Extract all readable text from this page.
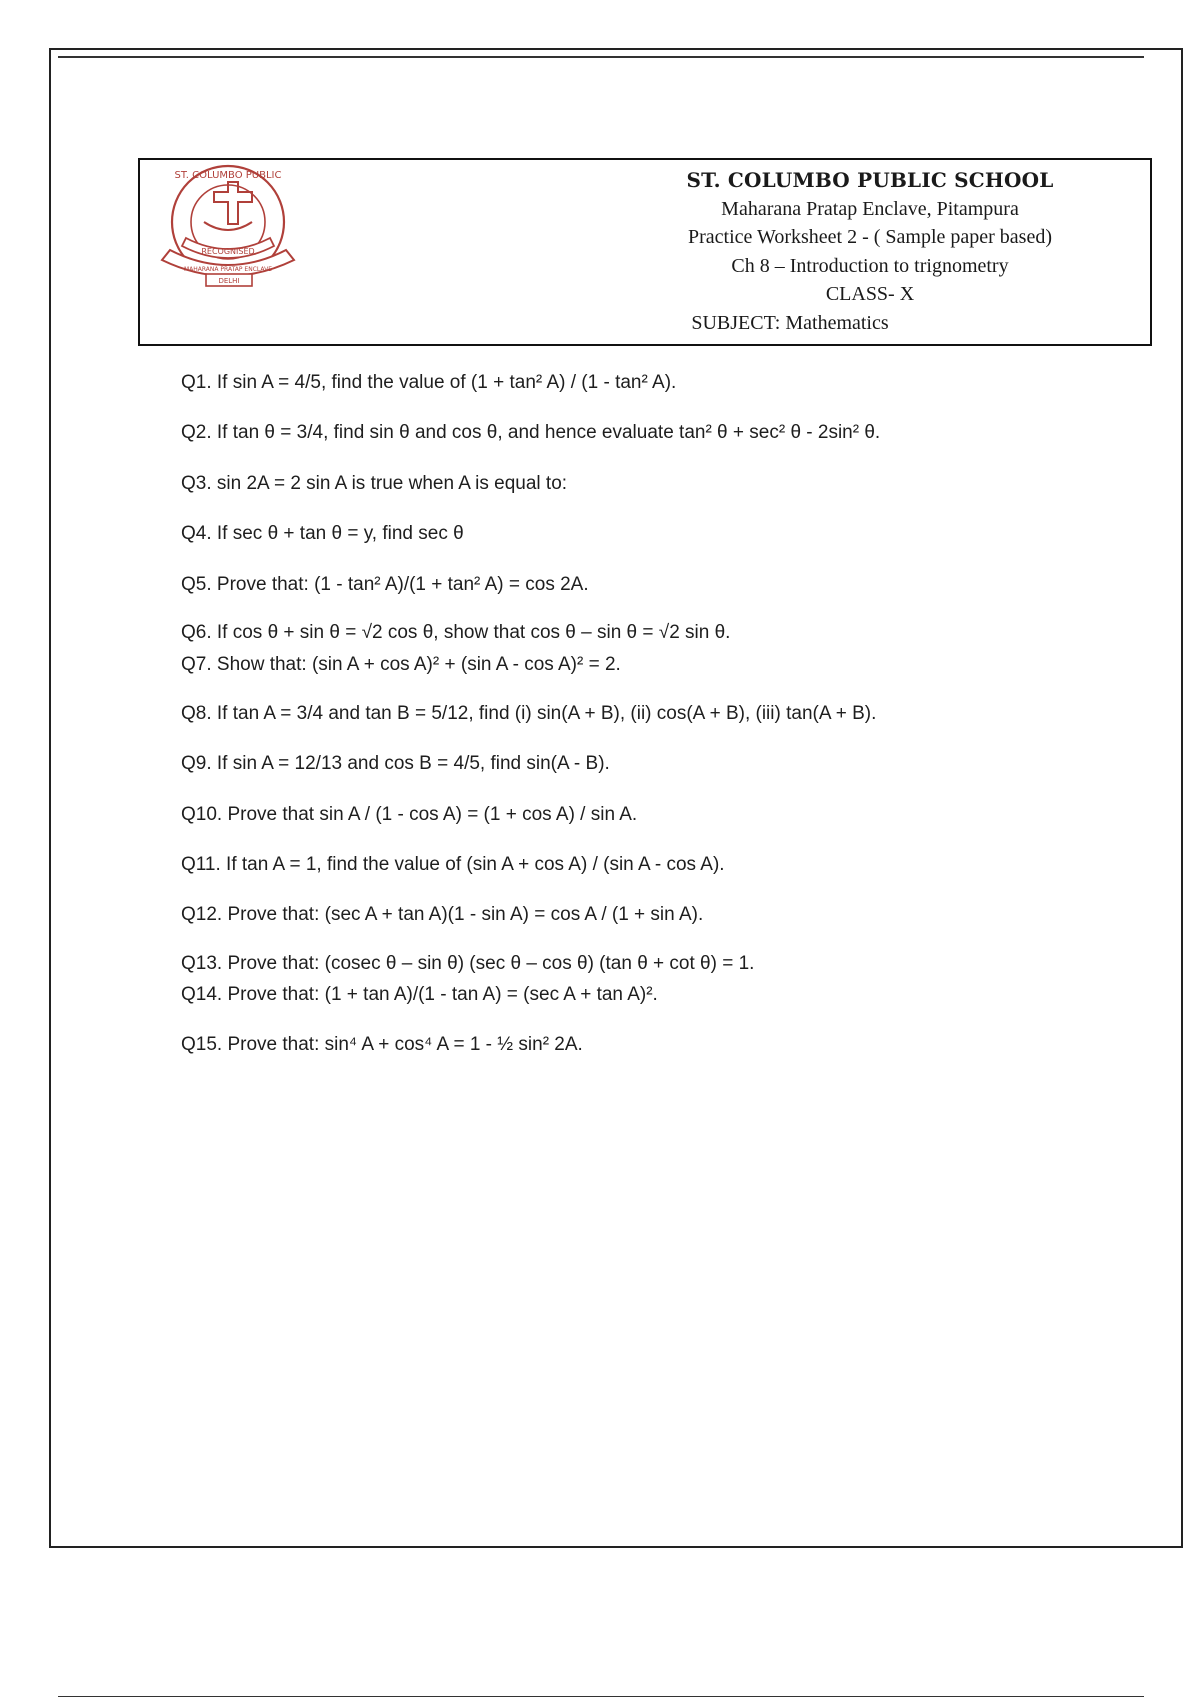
ST. COLUMBO PUBLIC
RECOGNISED
MAHARANA PRATAP ENCLAVE
DELHI
ST. COLUMBO PUBLIC SCHOOL
Maharana Pratap Enclave, Pitampura
Practice Worksheet 2 - ( Sample paper based)
Ch 8 – Introduction to trignometry
CLASS- X
SUBJECT: Mathematics
Q1. If sin A = 4/5, find the value of (1 + tan² A) / (1 - tan² A).
Q2. If tan θ = 3/4, find sin θ and cos θ, and hence evaluate tan² θ + sec² θ - 2sin² θ.
Q3. sin 2A = 2 sin A is true when A is equal to:
Q4. If sec θ + tan θ = y, find sec θ
Q5. Prove that: (1 - tan² A)/(1 + tan² A) = cos 2A.
Q6. If cos θ + sin θ = √2 cos θ, show that cos θ – sin θ = √2 sin θ.
Q7. Show that: (sin A + cos A)² + (sin A - cos A)² = 2.
Q8. If tan A = 3/4 and tan B = 5/12, find (i) sin(A + B), (ii) cos(A + B), (iii) tan(A + B).
Q9. If sin A = 12/13 and cos B = 4/5, find sin(A - B).
Q10. Prove that sin A / (1 - cos A) = (1 + cos A) / sin A.
Q11. If tan A = 1, find the value of (sin A + cos A) / (sin A - cos A).
Q12. Prove that: (sec A + tan A)(1 - sin A) = cos A / (1 + sin A).
Q13. Prove that: (cosec θ – sin θ) (sec θ – cos θ) (tan θ + cot θ) = 1.
Q14. Prove that: (1 + tan A)/(1 - tan A) = (sec A + tan A)².
Q15. Prove that: sin⁴ A + cos⁴ A = 1 - ½ sin² 2A.
